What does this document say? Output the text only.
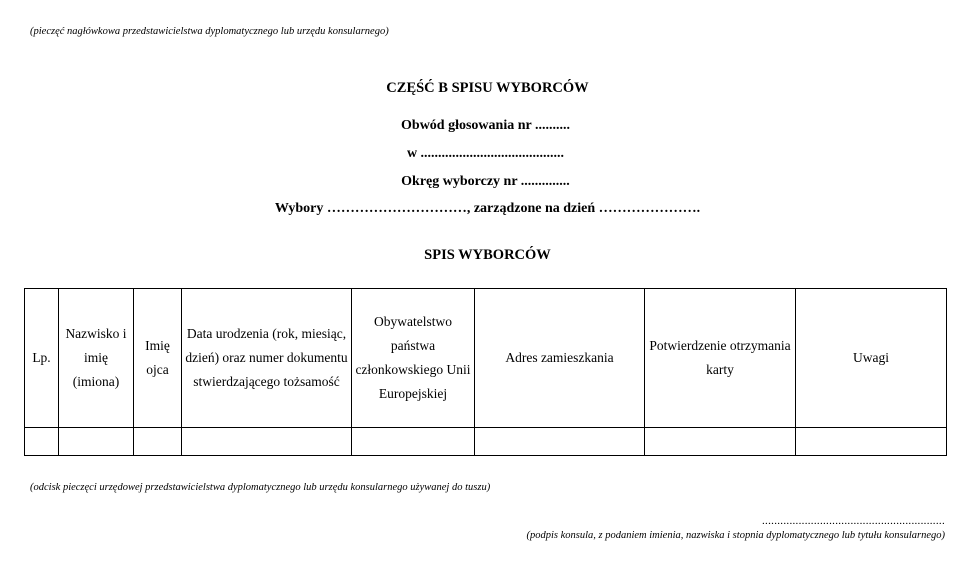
(pieczęć nagłówkowa przedstawicielstwa dyplomatycznego lub urzędu konsularnego)
CZĘŚĆ B SPISU WYBORCÓW
Obwód głosowania nr ..........
w .........................................
Okręg wyborczy nr ..............
Wybory …………………………, zarządzone na dzień ………………….
SPIS WYBORCÓW
Lp.	Nazwisko i imię (imiona)	Imię ojca	Data urodzenia (rok, miesiąc, dzień) oraz numer dokumentu stwierdzającego tożsamość	Obywatelstwo państwa członkowskiego Unii Europejskiej	Adres zamieszkania	Potwierdzenie otrzymania karty	Uwagi

(odcisk pieczęci urzędowej przedstawicielstwa dyplomatycznego lub urzędu konsularnego używanej do tuszu)
............................................................
(podpis konsula, z podaniem imienia, nazwiska i stopnia dyplomatycznego lub tytułu konsularnego)
